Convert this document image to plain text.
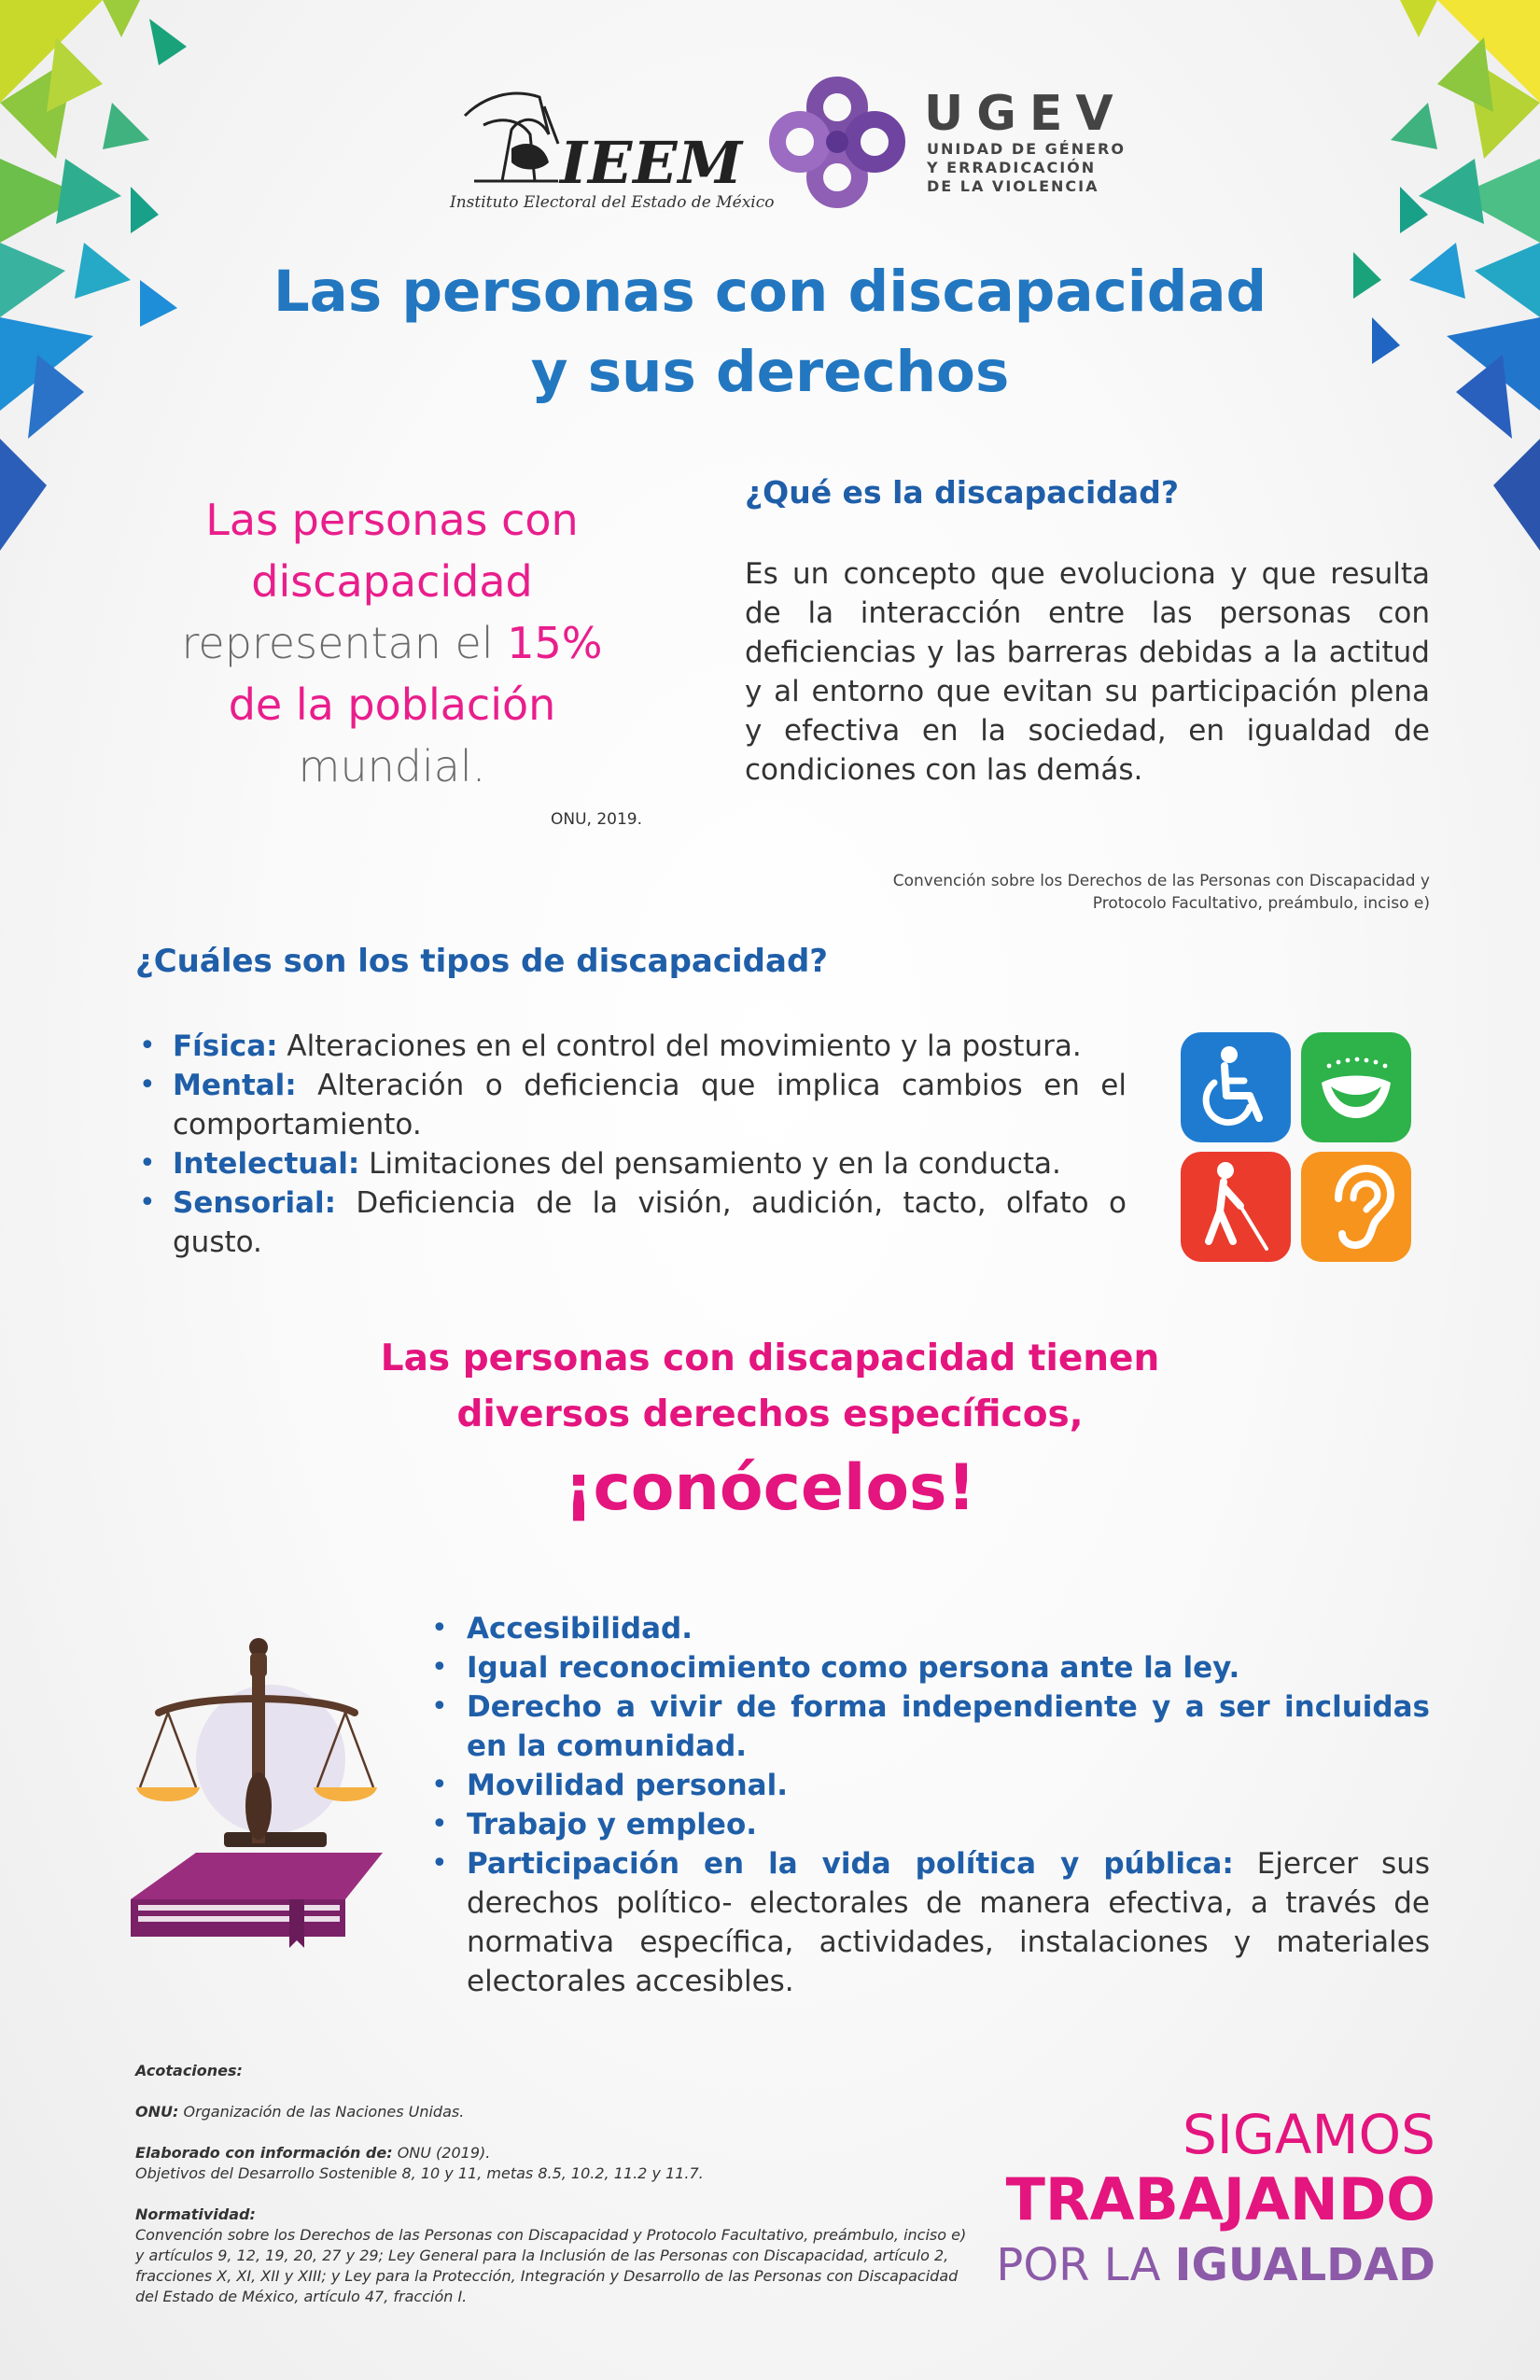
IEEM
Instituto Electoral del Estado de México
UGEV
UNIDAD DE GÉNERO
Y ERRADICACIÓN
DE LA VIOLENCIA
Las personas con discapacidad
y sus derechos
Las personas con
discapacidad
representan el 15%
de la población
mundial.
ONU, 2019.
¿Qué es la discapacidad?
Es un concepto que evoluciona y que resulta de la interacción entre las personas con deficiencias y las barreras debidas a la actitud y al entorno que evitan su participación plena y efectiva en la sociedad, en igualdad de condiciones con las demás.
Convención sobre los Derechos de las Personas con Discapacidad y
Protocolo Facultativo, preámbulo, inciso e)
¿Cuáles son los tipos de discapacidad?
• Física: Alteraciones en el control del movimiento y la postura.
• Mental: Alteración o deficiencia que implica cambios en el comportamiento.
• Intelectual: Limitaciones del pensamiento y en la conducta.
• Sensorial: Deficiencia de la visión, audición, tacto, olfato o gusto.
Las personas con discapacidad tienen
diversos derechos específicos,
¡conócelos!
• Accesibilidad.
• Igual reconocimiento como persona ante la ley.
• Derecho a vivir de forma independiente y a ser incluidas en la comunidad.
• Movilidad personal.
• Trabajo y empleo.
• Participación en la vida política y pública: Ejercer sus derechos político- electorales de manera efectiva, a través de normativa específica, actividades, instalaciones y materiales electorales accesibles.

Acotaciones:

ONU: Organización de las Naciones Unidas.

Elaborado con información de: ONU (2019).
Objetivos del Desarrollo Sostenible 8, 10 y 11, metas 8.5, 10.2, 11.2 y 11.7.

Normatividad:
Convención sobre los Derechos de las Personas con Discapacidad y Protocolo Facultativo, preámbulo, inciso e) y artículos 9, 12, 19, 20, 27 y 29; Ley General para la Inclusión de las Personas con Discapacidad, artículo 2, fracciones X, XI, XII y XIII; y Ley para la Protección, Integración y Desarrollo de las Personas con Discapacidad del Estado de México, artículo 47, fracción I.

SIGAMOS
TRABAJANDO
POR LA IGUALDAD
